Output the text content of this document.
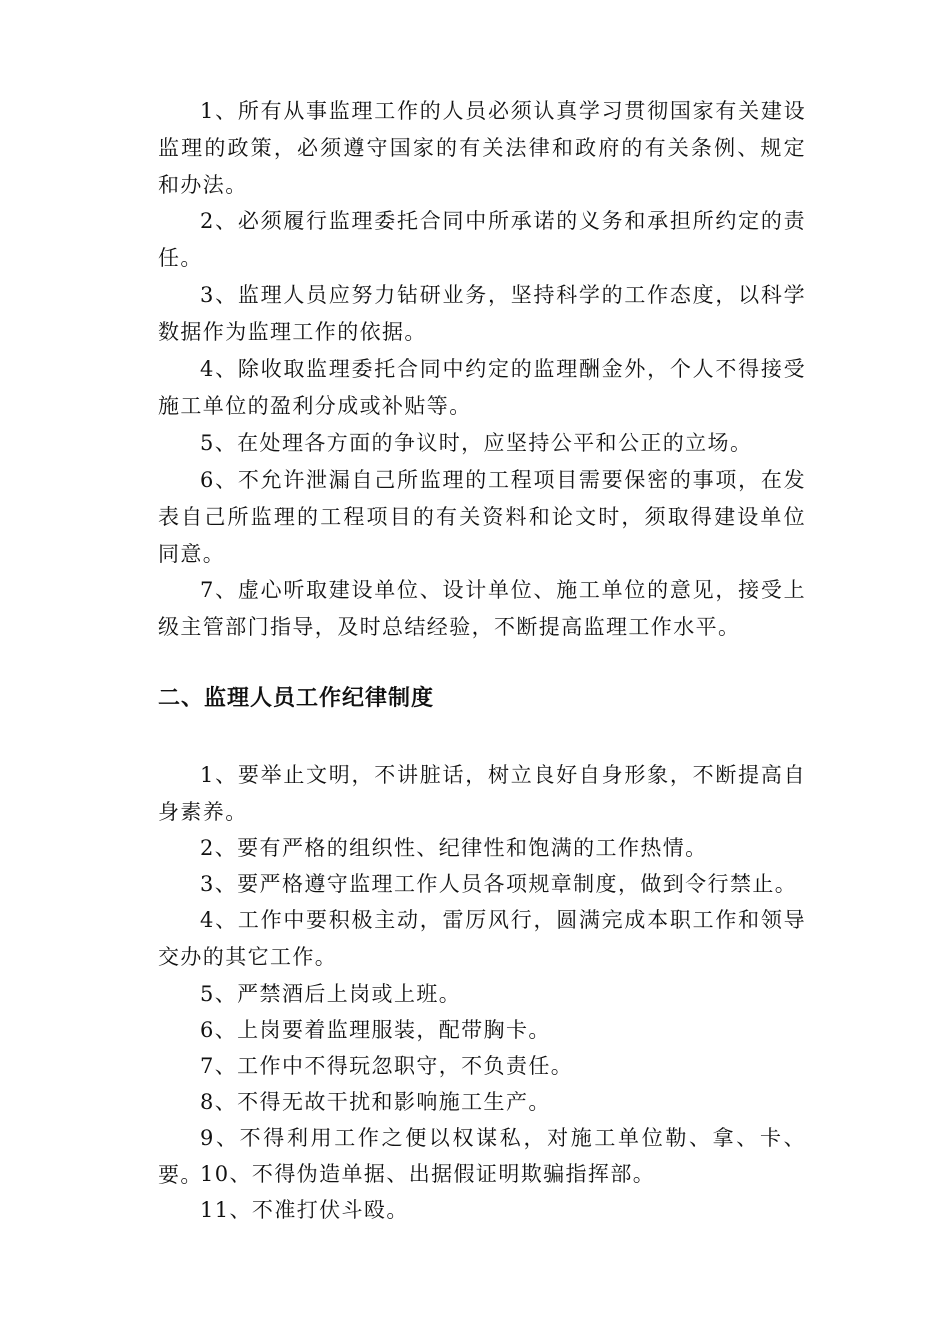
1、所有从事监理工作的人员必须认真学习贯彻国家有关建设监理的政策，必须遵守国家的有关法律和政府的有关条例、规定和办法。

2、必须履行监理委托合同中所承诺的义务和承担所约定的责任。

3、监理人员应努力钻研业务，坚持科学的工作态度，以科学数据作为监理工作的依据。

4、除收取监理委托合同中约定的监理酬金外，个人不得接受施工单位的盈利分成或补贴等。

5、在处理各方面的争议时，应坚持公平和公正的立场。

6、不允许泄漏自己所监理的工程项目需要保密的事项，在发表自己所监理的工程项目的有关资料和论文时，须取得建设单位同意。

7、虚心听取建设单位、设计单位、施工单位的意见，接受上级主管部门指导，及时总结经验，不断提高监理工作水平。

二、监理人员工作纪律制度

1、要举止文明，不讲脏话，树立良好自身形象，不断提高自身素养。

2、要有严格的组织性、纪律性和饱满的工作热情。

3、要严格遵守监理工作人员各项规章制度，做到令行禁止。

4、工作中要积极主动，雷厉风行，圆满完成本职工作和领导交办的其它工作。

5、严禁酒后上岗或上班。

6、上岗要着监理服装，配带胸卡。

7、工作中不得玩忽职守，不负责任。

8、不得无故干扰和影响施工生产。

9、不得利用工作之便以权谋私，对施工单位勒、拿、卡、要。

10、不得伪造单据、出据假证明欺骗指挥部。

11、不准打伏斗殴。
